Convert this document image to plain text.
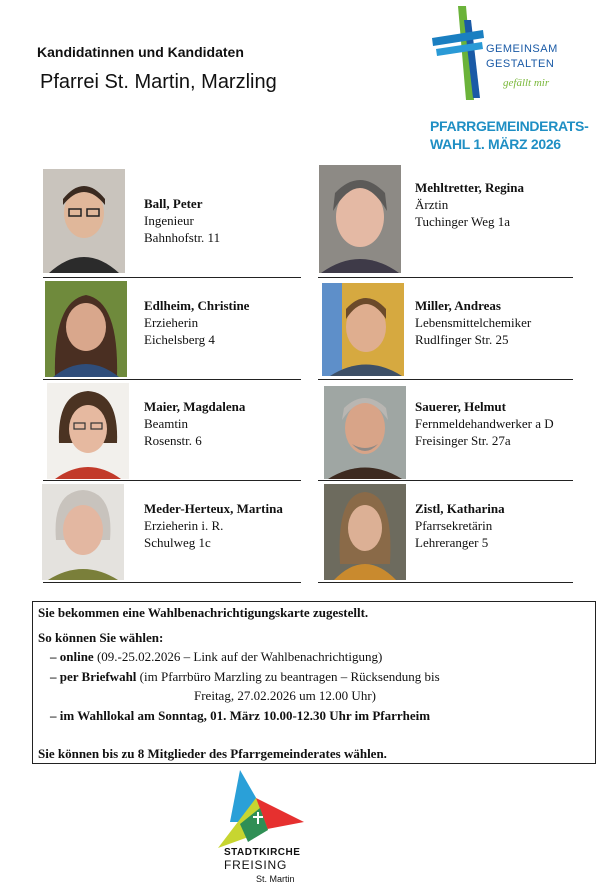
Kandidatinnen und Kandidaten
Pfarrei St. Martin, Marzling
GEMEINSAM
GESTALTEN
gefällt mir
PFARRGEMEINDERATS-
WAHL 1. MÄRZ 2026
Ball, Peter
Ingenieur
Bahnhofstr. 11
Mehltretter, Regina
Ärztin
Tuchinger Weg 1a
Edlheim, Christine
Erzieherin
Eichelsberg 4
Miller, Andreas
Lebensmittelchemiker
Rudlfinger Str. 25
Maier, Magdalena
Beamtin
Rosenstr. 6
Sauerer, Helmut
Fernmeldehandwerker a D
Freisinger Str. 27a
Meder-Herteux, Martina
Erzieherin i. R.
Schulweg 1c
Zistl, Katharina
Pfarrsekretärin
Lehreranger 5
Sie bekommen eine Wahlbenachrichtigungskarte zugestellt.
So können Sie wählen:
– online (09.-25.02.2026 – Link auf der Wahlbenachrichtigung)
– per Briefwahl (im Pfarrbüro Marzling zu beantragen – Rücksendung bis
Freitag, 27.02.2026 um 12.00 Uhr)
– im Wahllokal am Sonntag, 01. März 10.00-12.30 Uhr im Pfarrheim
Sie können bis zu 8 Mitglieder des Pfarrgemeinderates wählen.
STADTKIRCHE
FREISING
St. Martin
